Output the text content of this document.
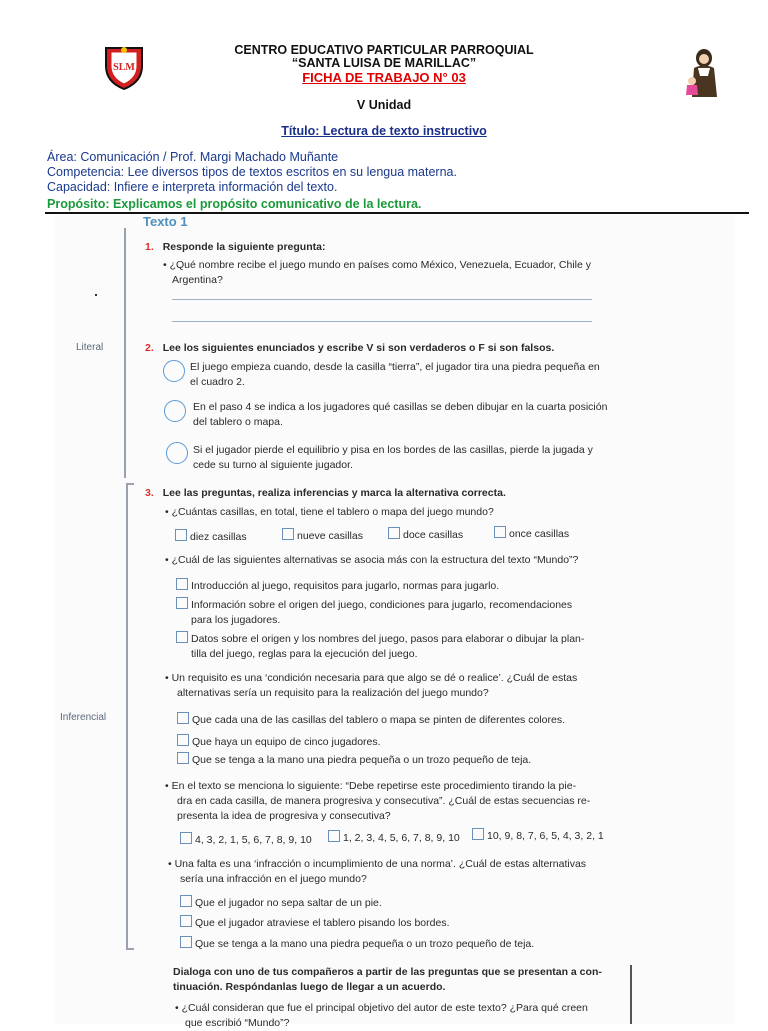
SLM
CENTRO EDUCATIVO PARTICULAR PARROQUIAL
“SANTA LUISA DE MARILLAC”
FICHA DE TRABAJO N° 03
V Unidad
Título: Lectura de texto instructivo
Área: Comunicación / Prof. Margi Machado Muñante
Competencia: Lee diversos tipos de textos escritos en su lengua materna.
Capacidad: Infiere e interpreta información del texto.
Propósito: Explicamos el propósito comunicativo de la lectura.
Texto 1
Literal
Inferencial
1. Responde la siguiente pregunta:
• ¿Qué nombre recibe el juego mundo en países como México, Venezuela, Ecuador, Chile y
Argentina?
2. Lee los siguientes enunciados y escribe V si son verdaderos o F si son falsos.
El juego empieza cuando, desde la casilla “tierra”, el jugador tira una piedra pequeña en
el cuadro 2.
En el paso 4 se indica a los jugadores qué casillas se deben dibujar en la cuarta posición
del tablero o mapa.
Si el jugador pierde el equilibrio y pisa en los bordes de las casillas, pierde la jugada y
cede su turno al siguiente jugador.
3. Lee las preguntas, realiza inferencias y marca la alternativa correcta.
• ¿Cuántas casillas, en total, tiene el tablero o mapa del juego mundo?
diez casillas	nueve casillas	doce casillas	once casillas
• ¿Cuál de las siguientes alternativas se asocia más con la estructura del texto “Mundo”?
Introducción al juego, requisitos para jugarlo, normas para jugarlo.
Información sobre el origen del juego, condiciones para jugarlo, recomendaciones
para los jugadores.
Datos sobre el origen y los nombres del juego, pasos para elaborar o dibujar la plan-
tilla del juego, reglas para la ejecución del juego.
• Un requisito es una ‘condición necesaria para que algo se dé o realice’. ¿Cuál de estas
alternativas sería un requisito para la realización del juego mundo?
Que cada una de las casillas del tablero o mapa se pinten de diferentes colores.
Que haya un equipo de cinco jugadores.
Que se tenga a la mano una piedra pequeña o un trozo pequeño de teja.
• En el texto se menciona lo siguiente: “Debe repetirse este procedimiento tirando la pie-
dra en cada casilla, de manera progresiva y consecutiva”. ¿Cuál de estas secuencias re-
presenta la idea de progresiva y consecutiva?
4, 3, 2, 1, 5, 6, 7, 8, 9, 10	1, 2, 3, 4, 5, 6, 7, 8, 9, 10	10, 9, 8, 7, 6, 5, 4, 3, 2, 1
• Una falta es una ‘infracción o incumplimiento de una norma’. ¿Cuál de estas alternativas
sería una infracción en el juego mundo?
Que el jugador no sepa saltar de un pie.
Que el jugador atraviese el tablero pisando los bordes.
Que se tenga a la mano una piedra pequeña o un trozo pequeño de teja.
Dialoga con uno de tus compañeros a partir de las preguntas que se presentan a con-
tinuación. Respóndanlas luego de llegar a un acuerdo.
• ¿Cuál consideran que fue el principal objetivo del autor de este texto? ¿Para qué creen
que escribió “Mundo”?
